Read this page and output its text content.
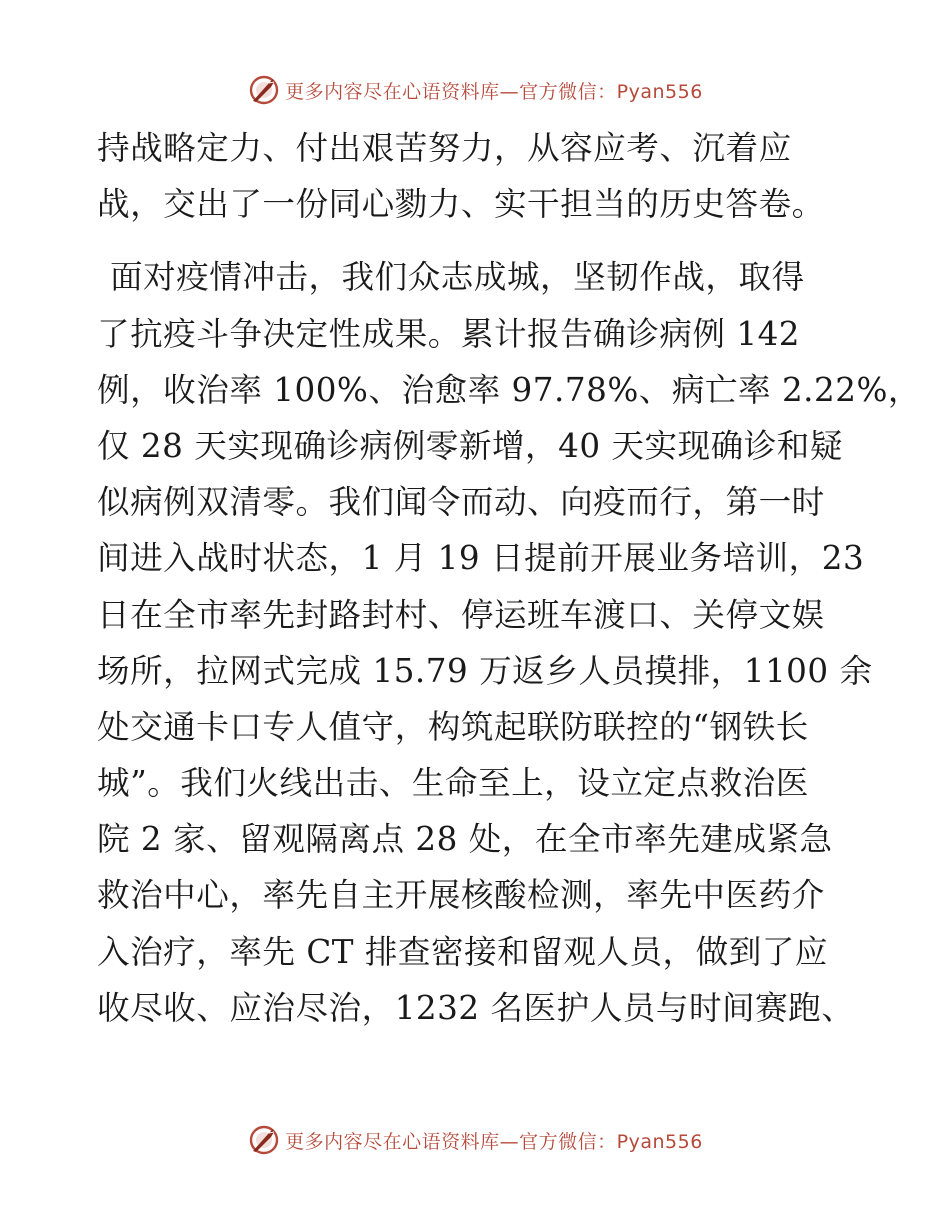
更多内容尽在心语资料库—官方微信：Pyan556
持战略定力、付出艰苦努力，从容应考、沉着应
战，交出了一份同心勠力、实干担当的历史答卷。
面对疫情冲击，我们众志成城，坚韧作战，取得
了抗疫斗争决定性成果。累计报告确诊病例 142
例，收治率 100%、治愈率 97.78%、病亡率 2.22%，
仅 28 天实现确诊病例零新增，40 天实现确诊和疑
似病例双清零。我们闻令而动、向疫而行，第一时
间进入战时状态，1 月 19 日提前开展业务培训，23
日在全市率先封路封村、停运班车渡口、关停文娱
场所，拉网式完成 15.79 万返乡人员摸排，1100 余
处交通卡口专人值守，构筑起联防联控的“钢铁长
城”。我们火线出击、生命至上，设立定点救治医
院 2 家、留观隔离点 28 处，在全市率先建成紧急
救治中心，率先自主开展核酸检测，率先中医药介
入治疗，率先 CT 排查密接和留观人员，做到了应
收尽收、应治尽治，1232 名医护人员与时间赛跑、
更多内容尽在心语资料库—官方微信：Pyan556
